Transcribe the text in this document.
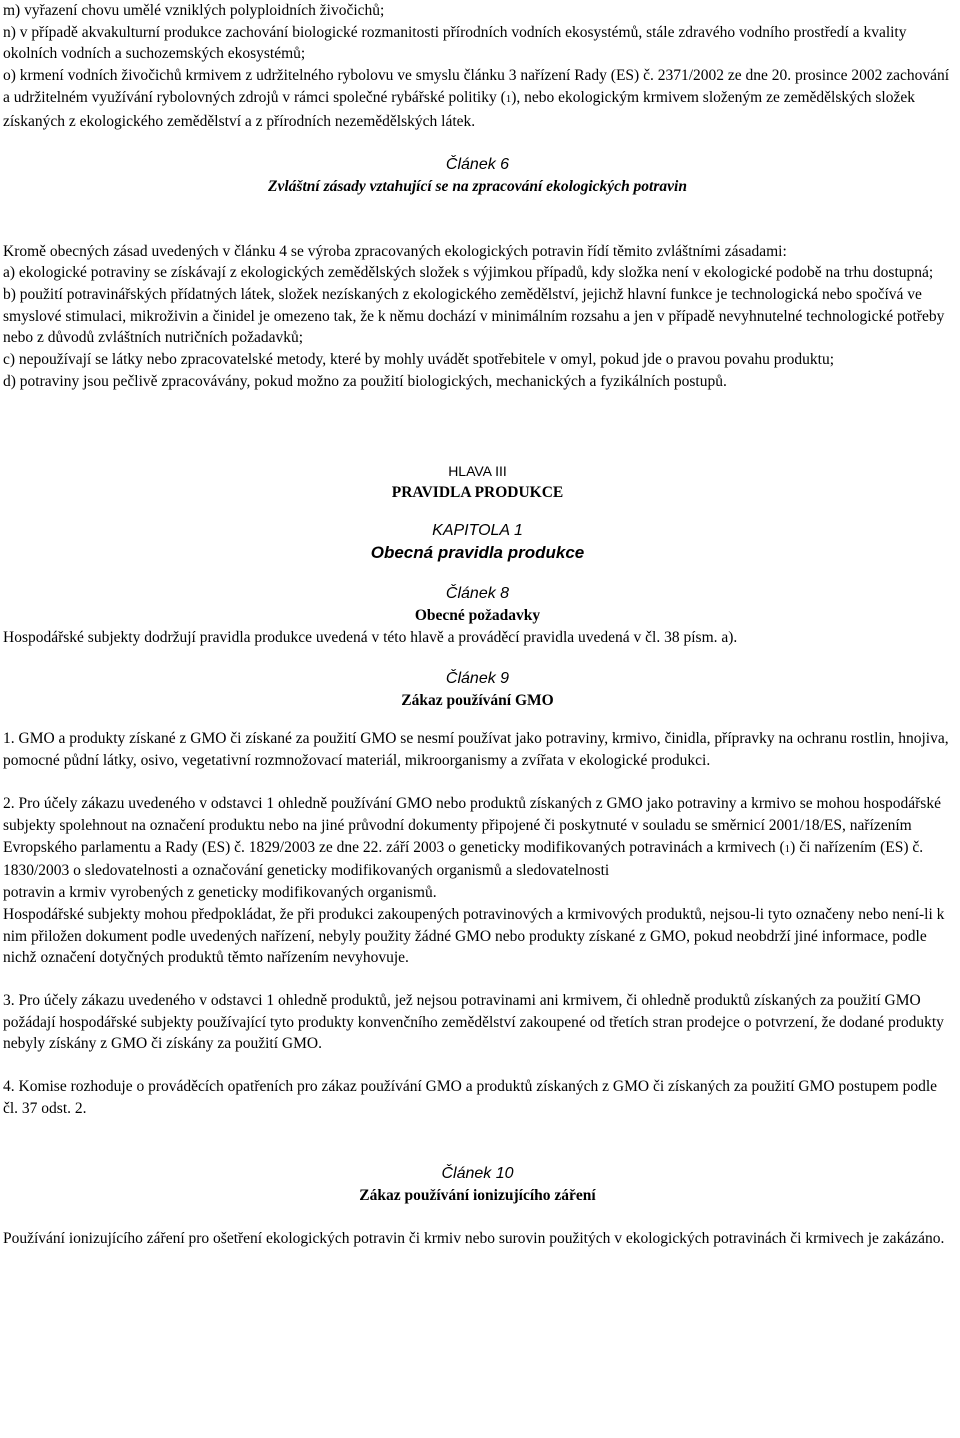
m) vyřazení chovu umělé vzniklých polyploidních živočichů;

n) v případě akvakulturní produkce zachování biologické rozmanitosti přírodních vodních ekosystémů, stále zdravého vodního prostředí a kvality okolních vodních a suchozemských ekosystémů;

o) krmení vodních živočichů krmivem z udržitelného rybolovu ve smyslu článku 3 nařízení Rady (ES) č. 2371/2002 ze dne 20. prosince 2002 zachování a udržitelném využívání rybolovných zdrojů v rámci společné rybářské politiky (1), nebo ekologickým krmivem složeným ze zemědělských složek získaných z ekologického zemědělství a z přírodních nezemědělských látek.

Článek 6

Zvláštní zásady vztahující se na zpracování ekologických potravin

Kromě obecných zásad uvedených v článku 4 se výroba zpracovaných ekologických potravin řídí těmito zvláštními zásadami:

a) ekologické potraviny se získávají z ekologických zemědělských složek s výjimkou případů, kdy složka není v ekologické podobě na trhu dostupná;

b) použití potravinářských přídatných látek, složek nezískaných z ekologického zemědělství, jejichž hlavní funkce je technologická nebo spočívá ve smyslové stimulaci, mikroživin a činidel je omezeno tak, že k němu dochází v minimálním rozsahu a jen v případě nevyhnutelné technologické potřeby nebo z důvodů zvláštních nutričních požadavků;

c) nepoužívají se látky nebo zpracovatelské metody, které by mohly uvádět spotřebitele v omyl, pokud jde o pravou povahu produktu;

d) potraviny jsou pečlivě zpracovávány, pokud možno za použití biologických, mechanických a fyzikálních postupů.

HLAVA III

PRAVIDLA PRODUKCE

KAPITOLA 1

Obecná pravidla produkce

Článek 8

Obecné požadavky

Hospodářské subjekty dodržují pravidla produkce uvedená v této hlavě a prováděcí pravidla uvedená v čl. 38 písm. a).

Článek 9

Zákaz používání GMO

1. GMO a produkty získané z GMO či získané za použití GMO se nesmí používat jako potraviny, krmivo, činidla, přípravky na ochranu rostlin, hnojiva, pomocné půdní látky, osivo, vegetativní rozmnožovací materiál, mikroorganismy a zvířata v ekologické produkci.

2. Pro účely zákazu uvedeného v odstavci 1 ohledně používání GMO nebo produktů získaných z GMO jako potraviny a krmivo se mohou hospodářské subjekty spolehnout na označení produktu nebo na jiné průvodní dokumenty připojené či poskytnuté v souladu se směrnicí 2001/18/ES, nařízením Evropského parlamentu a Rady (ES) č. 1829/2003 ze dne 22. září 2003 o geneticky modifikovaných potravinách a krmivech (1) či nařízením (ES) č. 1830/2003 o sledovatelnosti a označování geneticky modifikovaných organismů a sledovatelnosti

potravin a krmiv vyrobených z geneticky modifikovaných organismů.

Hospodářské subjekty mohou předpokládat, že při produkci zakoupených potravinových a krmivových produktů, nejsou-li tyto označeny nebo není-li k nim přiložen dokument podle uvedených nařízení, nebyly použity žádné GMO nebo produkty získané z GMO, pokud neobdrží jiné informace, podle nichž označení dotyčných produktů těmto nařízením nevyhovuje.

3. Pro účely zákazu uvedeného v odstavci 1 ohledně produktů, jež nejsou potravinami ani krmivem, či ohledně produktů získaných za použití GMO požádají hospodářské subjekty používající tyto produkty konvenčního zemědělství zakoupené od třetích stran prodejce o potvrzení, že dodané produkty nebyly získány z GMO či získány za použití GMO.

4. Komise rozhoduje o prováděcích opatřeních pro zákaz používání GMO a produktů získaných z GMO či získaných za použití GMO postupem podle čl. 37 odst. 2.

Článek 10

Zákaz používání ionizujícího záření

Používání ionizujícího záření pro ošetření ekologických potravin či krmiv nebo surovin použitých v ekologických potravinách či krmivech je zakázáno.
